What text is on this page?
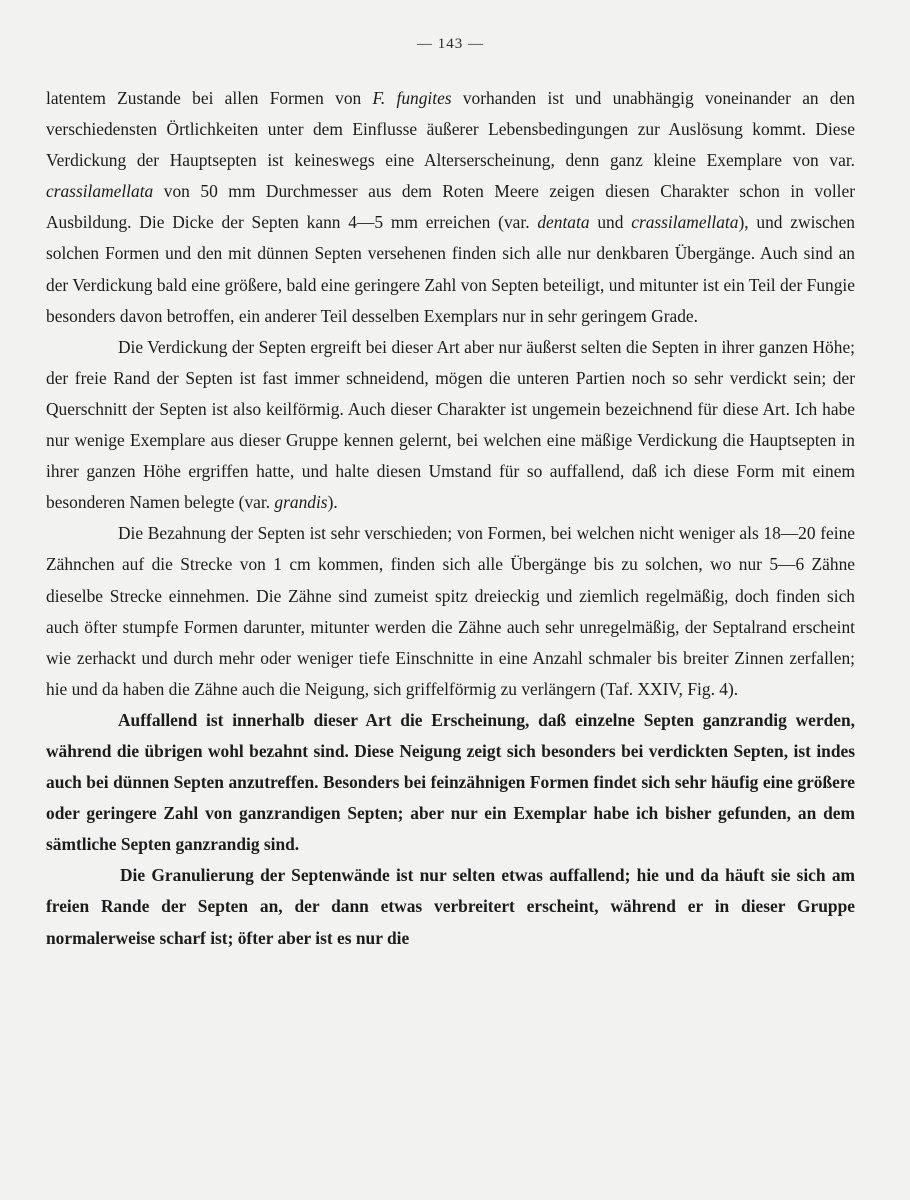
— 143 —

latentem Zustande bei allen Formen von F. fungites vorhanden ist und unabhängig voneinander an den verschiedensten Örtlichkeiten unter dem Einflusse äußerer Lebensbedingungen zur Auslösung kommt. Diese Verdickung der Hauptsepten ist keineswegs eine Alterserscheinung, denn ganz kleine Exemplare von var. crassilamellata von 50 mm Durchmesser aus dem Roten Meere zeigen diesen Charakter schon in voller Ausbildung. Die Dicke der Septen kann 4—5 mm erreichen (var. dentata und crassilamellata), und zwischen solchen Formen und den mit dünnen Septen versehenen finden sich alle nur denkbaren Übergänge. Auch sind an der Verdickung bald eine größere, bald eine geringere Zahl von Septen beteiligt, und mitunter ist ein Teil der Fungie besonders davon betroffen, ein anderer Teil desselben Exemplars nur in sehr geringem Grade.

Die Verdickung der Septen ergreift bei dieser Art aber nur äußerst selten die Septen in ihrer ganzen Höhe; der freie Rand der Septen ist fast immer schneidend, mögen die unteren Partien noch so sehr verdickt sein; der Querschnitt der Septen ist also keilförmig. Auch dieser Charakter ist ungemein bezeichnend für diese Art. Ich habe nur wenige Exemplare aus dieser Gruppe kennen gelernt, bei welchen eine mäßige Verdickung die Hauptsepten in ihrer ganzen Höhe ergriffen hatte, und halte diesen Umstand für so auffallend, daß ich diese Form mit einem besonderen Namen belegte (var. grandis).

Die Bezahnung der Septen ist sehr verschieden; von Formen, bei welchen nicht weniger als 18—20 feine Zähnchen auf die Strecke von 1 cm kommen, finden sich alle Übergänge bis zu solchen, wo nur 5—6 Zähne dieselbe Strecke einnehmen. Die Zähne sind zumeist spitz dreieckig und ziemlich regelmäßig, doch finden sich auch öfter stumpfe Formen darunter, mitunter werden die Zähne auch sehr unregelmäßig, der Septalrand erscheint wie zerhackt und durch mehr oder weniger tiefe Einschnitte in eine Anzahl schmaler bis breiter Zinnen zerfallen; hie und da haben die Zähne auch die Neigung, sich griffelförmig zu verlängern (Taf. XXIV, Fig. 4).

Auffallend ist innerhalb dieser Art die Erscheinung, daß einzelne Septen ganzrandig werden, während die übrigen wohl bezahnt sind. Diese Neigung zeigt sich besonders bei verdickten Septen, ist indes auch bei dünnen Septen anzutreffen. Besonders bei feinzähnigen Formen findet sich sehr häufig eine größere oder geringere Zahl von ganzrandigen Septen; aber nur ein Exemplar habe ich bisher gefunden, an dem sämtliche Septen ganzrandig sind.

Die Granulierung der Septenwände ist nur selten etwas auffallend; hie und da häuft sie sich am freien Rande der Septen an, der dann etwas verbreitert erscheint, während er in dieser Gruppe normalerweise scharf ist; öfter aber ist es nur die
